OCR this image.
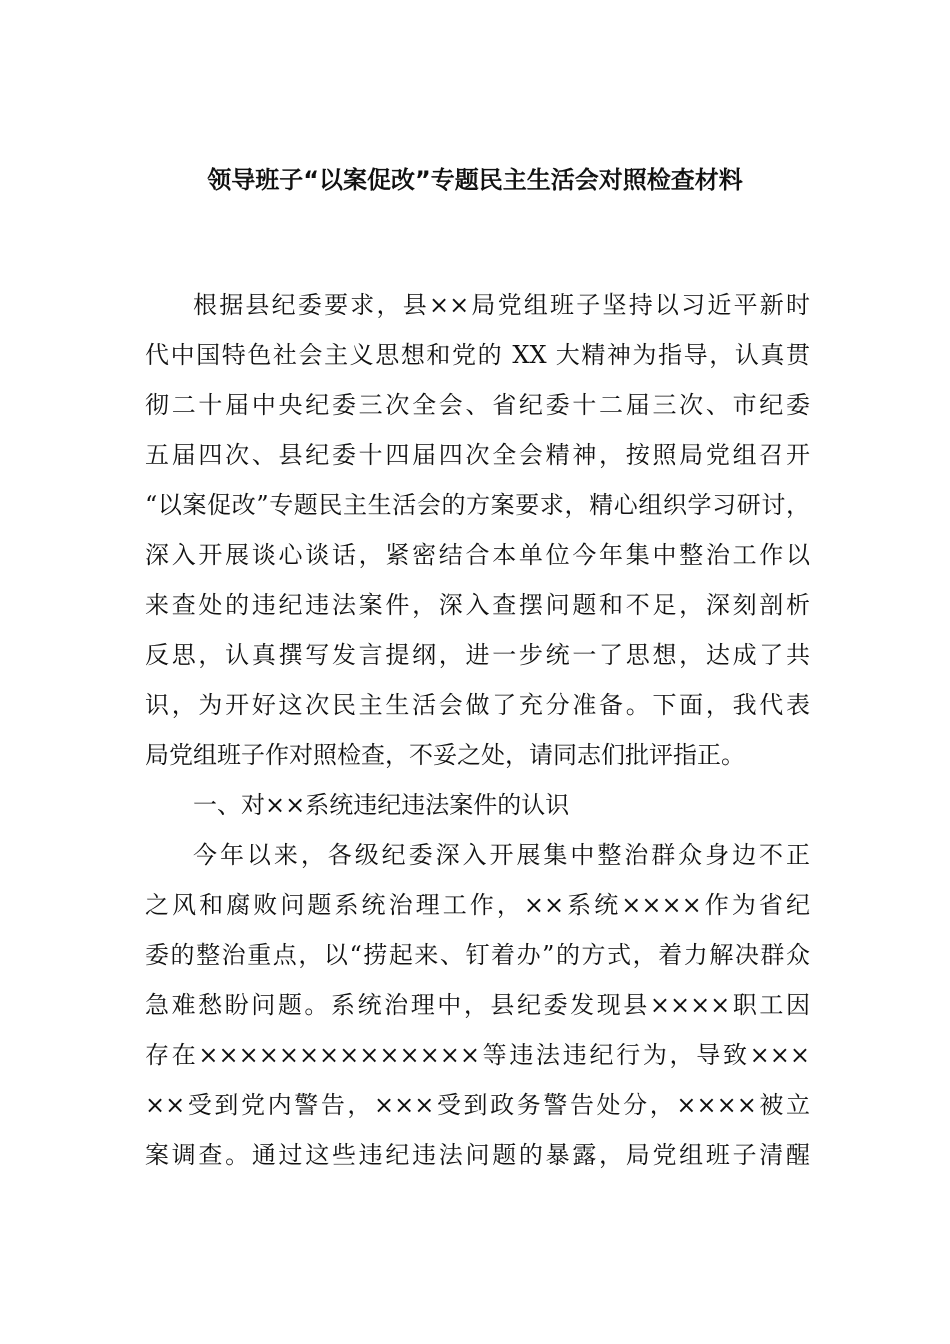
领导班子“以案促改”专题民主生活会对照检查材料
根据县纪委要求，县××局党组班子坚持以习近平新时
代中国特色社会主义思想和党的 XX 大精神为指导，认真贯
彻二十届中央纪委三次全会、省纪委十二届三次、市纪委
五届四次、县纪委十四届四次全会精神，按照局党组召开
“以案促改”专题民主生活会的方案要求，精心组织学习研讨，
深入开展谈心谈话，紧密结合本单位今年集中整治工作以
来查处的违纪违法案件，深入查摆问题和不足，深刻剖析
反思，认真撰写发言提纲，进一步统一了思想，达成了共
识，为开好这次民主生活会做了充分准备。下面，我代表
局党组班子作对照检查，不妥之处，请同志们批评指正。
一、对××系统违纪违法案件的认识
今年以来，各级纪委深入开展集中整治群众身边不正
之风和腐败问题系统治理工作，××系统××××作为省纪
委的整治重点，以“捞起来、钉着办”的方式，着力解决群众
急难愁盼问题。系统治理中，县纪委发现县××××职工因
存在××××××××××××××等违法违纪行为，导致×××
××受到党内警告，×××受到政务警告处分，××××被立
案调查。通过这些违纪违法问题的暴露，局党组班子清醒
